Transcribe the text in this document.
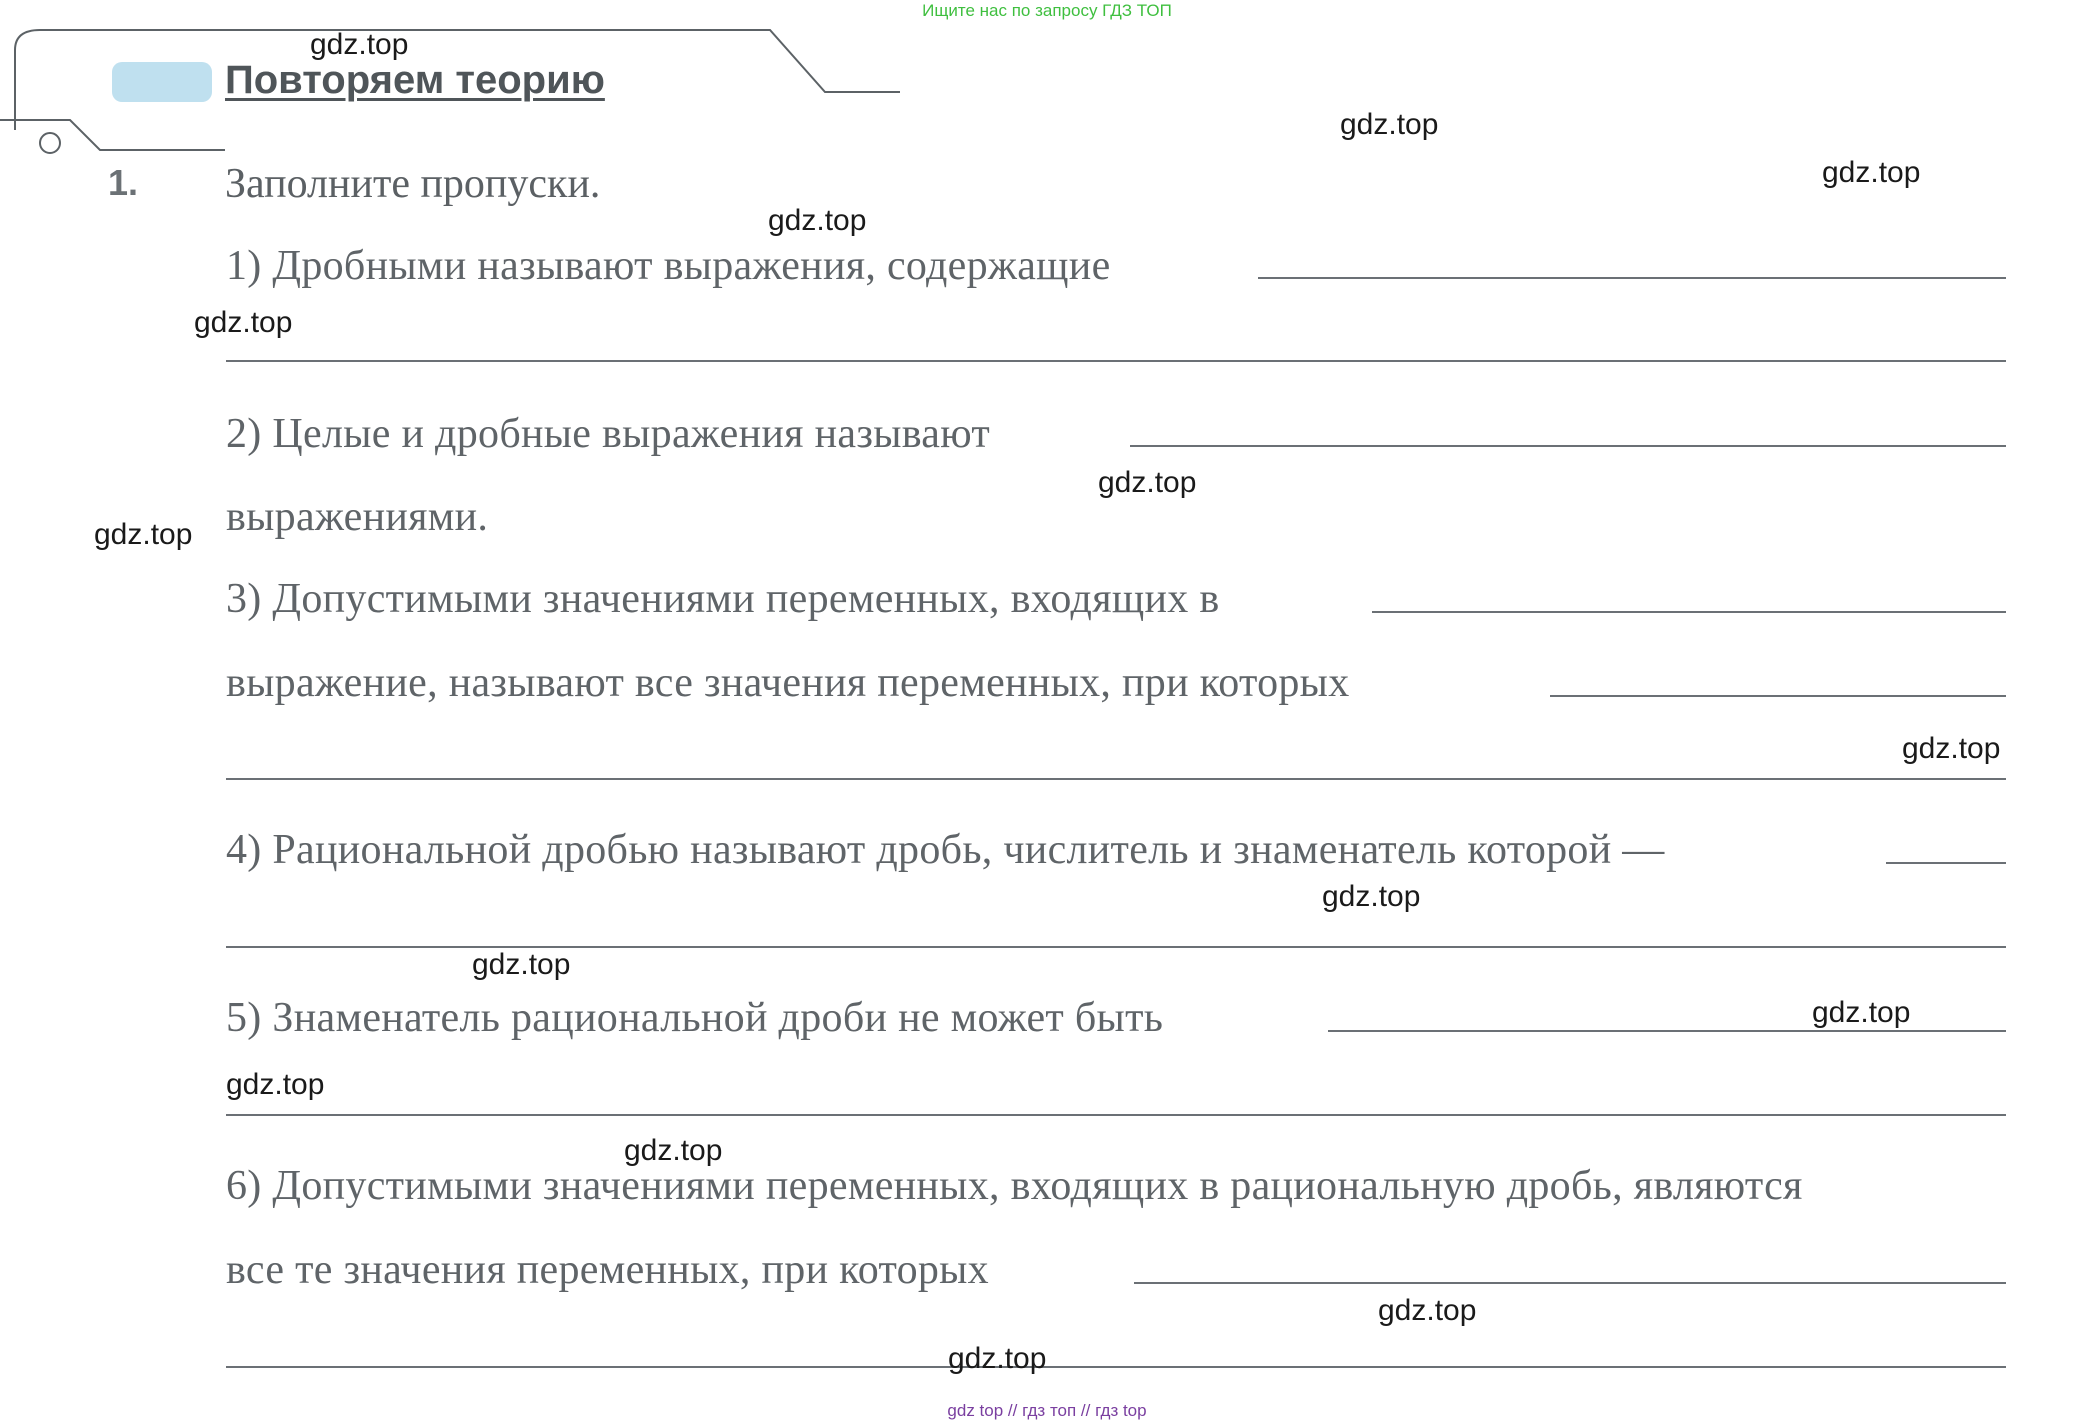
Ищите нас по запросу ГДЗ ТОП
Повторяем теорию
1. Заполните пропуски.
1) Дробными называют выражения, содержащие
2) Целые и дробные выражения называют
выражениями.
3) Допустимыми значениями переменных, входящих в
выражение, называют все значения переменных, при которых
4) Рациональной дробью называют дробь, числитель и знаменатель которой —
5) Знаменатель рациональной дроби не может быть
6) Допустимыми значениями переменных, входящих в рациональную дробь, являются
все те значения переменных, при которых
gdz.top
gdz.top
gdz.top
gdz.top
gdz.top
gdz.top
gdz.top
gdz.top
gdz.top
gdz.top
gdz.top
gdz.top
gdz.top
gdz.top
gdz.top
gdz top // гдз топ // гдз top
